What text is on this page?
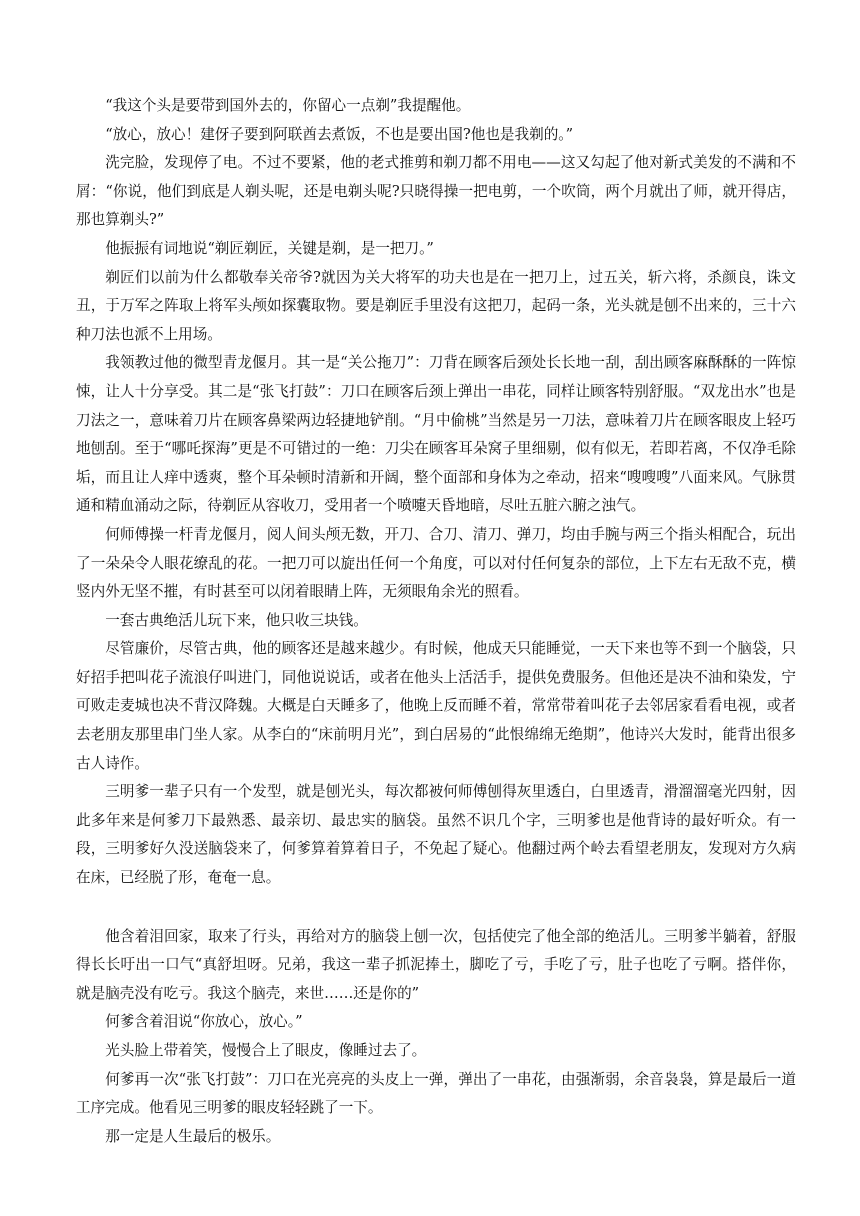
“我这个头是要带到国外去的，你留心一点剃”我提醒他。

“放心，放心！建伢子要到阿联酋去煮饭，不也是要出国?他也是我剃的。”

洗完脸，发现停了电。不过不要紧，他的老式推剪和剃刀都不用电——这又勾起了他对新式美发的不满和不屑：“你说，他们到底是人剃头呢，还是电剃头呢?只晓得操一把电剪，一个吹筒，两个月就出了师，就开得店，那也算剃头?”

他振振有词地说“剃匠剃匠，关键是剃，是一把刀。”

剃匠们以前为什么都敬奉关帝爷?就因为关大将军的功夫也是在一把刀上，过五关，斩六将，杀颜良，诛文丑，于万军之阵取上将军头颅如探囊取物。要是剃匠手里没有这把刀，起码一条，光头就是刨不出来的，三十六种刀法也派不上用场。

我领教过他的微型青龙偃月。其一是“关公拖刀”：刀背在顾客后颈处长长地一刮，刮出顾客麻酥酥的一阵惊悚，让人十分享受。其二是“张飞打鼓”：刀口在顾客后颈上弹出一串花，同样让顾客特别舒服。“双龙出水”也是刀法之一，意味着刀片在顾客鼻梁两边轻捷地铲削。“月中偷桃”当然是另一刀法，意味着刀片在顾客眼皮上轻巧地刨刮。至于“哪吒探海”更是不可错过的一绝：刀尖在顾客耳朵窝子里细剔，似有似无，若即若离，不仅净毛除垢，而且让人痒中透爽，整个耳朵顿时清新和开阔，整个面部和身体为之牵动，招来“嗖嗖嗖”八面来风。气脉贯通和精血涌动之际，待剃匠从容收刀，受用者一个喷嚏天昏地暗，尽吐五脏六腑之浊气。

何师傅操一杆青龙偃月，阅人间头颅无数，开刀、合刀、清刀、弹刀，均由手腕与两三个指头相配合，玩出了一朵朵令人眼花缭乱的花。一把刀可以旋出任何一个角度，可以对付任何复杂的部位，上下左右无敌不克，横竖内外无坚不摧，有时甚至可以闭着眼睛上阵，无须眼角余光的照看。

一套古典绝活儿玩下来，他只收三块钱。

尽管廉价，尽管古典，他的顾客还是越来越少。有时候，他成天只能睡觉，一天下来也等不到一个脑袋，只好招手把叫花子流浪仔叫进门，同他说说话，或者在他头上活活手，提供免费服务。但他还是决不油和染发，宁可败走麦城也决不背汉降魏。大概是白天睡多了，他晚上反而睡不着，常常带着叫花子去邻居家看看电视，或者去老朋友那里串门坐人家。从李白的“床前明月光”，到白居易的“此恨绵绵无绝期”，他诗兴大发时，能背出很多古人诗作。

三明爹一辈子只有一个发型，就是刨光头，每次都被何师傅刨得灰里透白，白里透青，滑溜溜毫光四射，因此多年来是何爹刀下最熟悉、最亲切、最忠实的脑袋。虽然不识几个字，三明爹也是他背诗的最好听众。有一段，三明爹好久没送脑袋来了，何爹算着算着日子，不免起了疑心。他翻过两个岭去看望老朋友，发现对方久病在床，已经脱了形，奄奄一息。

他含着泪回家，取来了行头，再给对方的脑袋上刨一次，包括使完了他全部的绝活儿。三明爹半躺着，舒服得长长吁出一口气“真舒坦呀。兄弟，我这一辈子抓泥捧土，脚吃了亏，手吃了亏，肚子也吃了亏啊。搭伴你，就是脑壳没有吃亏。我这个脑壳，来世……还是你的”

何爹含着泪说“你放心，放心。”

光头脸上带着笑，慢慢合上了眼皮，像睡过去了。

何爹再一次“张飞打鼓”：刀口在光亮亮的头皮上一弹，弹出了一串花，由强渐弱，余音袅袅，算是最后一道工序完成。他看见三明爹的眼皮轻轻跳了一下。

那一定是人生最后的极乐。
